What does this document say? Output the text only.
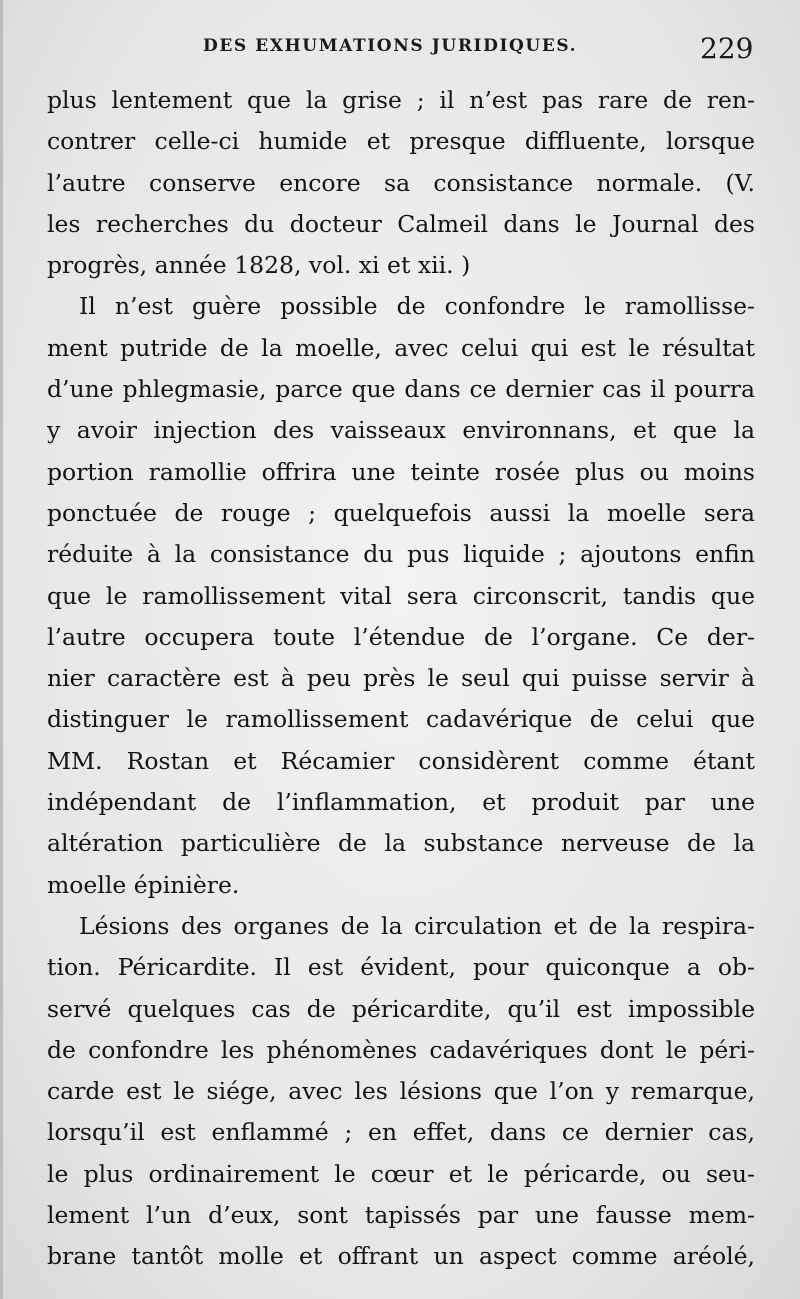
DES EXHUMATIONS JURIDIQUES.	229
plus lentement que la grise ; il n’est pas rare de ren-
contrer celle-ci humide et presque diffluente, lorsque
l’autre conserve encore sa consistance normale. (V.
les recherches du docteur Calmeil dans le Journal des
progrès, année 1828, vol. xi et xii. )
Il n’est guère possible de confondre le ramollisse-
ment putride de la moelle, avec celui qui est le résultat
d’une phlegmasie, parce que dans ce dernier cas il pourra
y avoir injection des vaisseaux environnans, et que la
portion ramollie offrira une teinte rosée plus ou moins
ponctuée de rouge ; quelquefois aussi la moelle sera
réduite à la consistance du pus liquide ; ajoutons enfin
que le ramollissement vital sera circonscrit, tandis que
l’autre occupera toute l’étendue de l’organe. Ce der-
nier caractère est à peu près le seul qui puisse servir à
distinguer le ramollissement cadavérique de celui que
MM. Rostan et Récamier considèrent comme étant
indépendant de l’inflammation, et produit par une
altération particulière de la substance nerveuse de la
moelle épinière.
Lésions des organes de la circulation et de la respira-
tion. Péricardite. Il est évident, pour quiconque a ob-
servé quelques cas de péricardite, qu’il est impossible
de confondre les phénomènes cadavériques dont le péri-
carde est le siége, avec les lésions que l’on y remarque,
lorsqu’il est enflammé ; en effet, dans ce dernier cas,
le plus ordinairement le cœur et le péricarde, ou seu-
lement l’un d’eux, sont tapissés par une fausse mem-
brane tantôt molle et offrant un aspect comme aréolé,
